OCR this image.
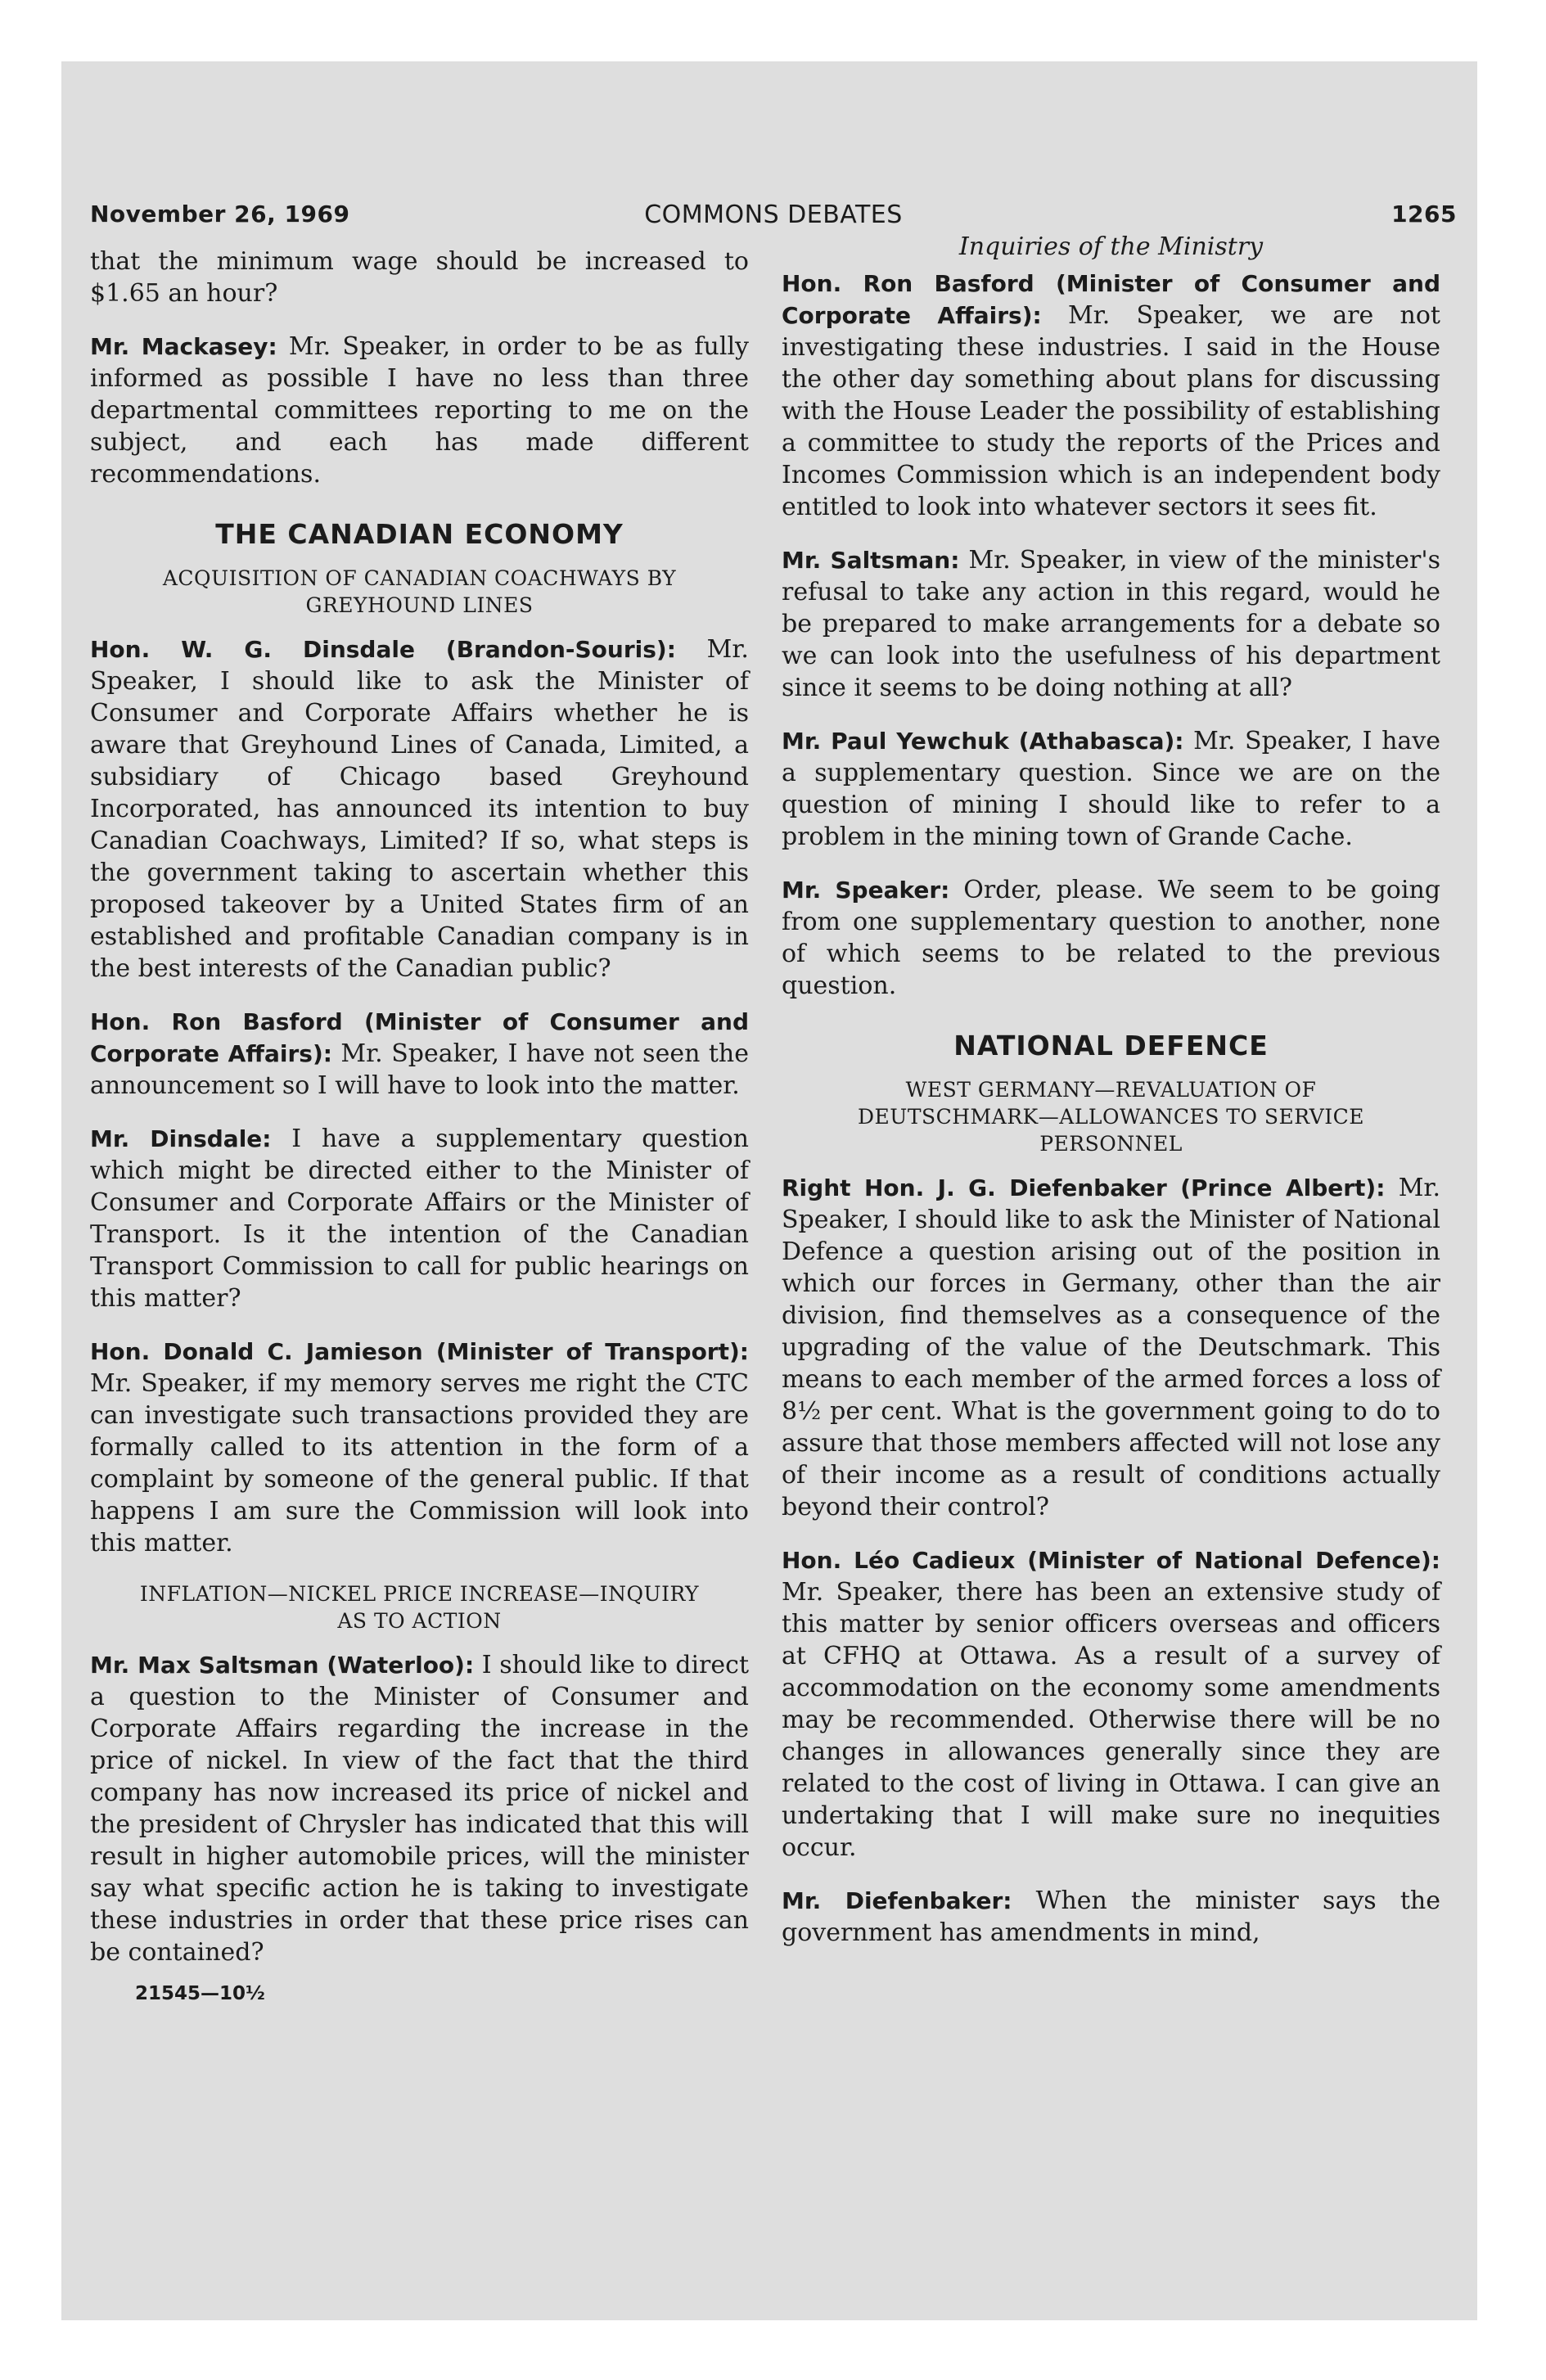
November 26, 1969	COMMONS DEBATES	1265

that the minimum wage should be increased to $1.65 an hour?

Mr. Mackasey: Mr. Speaker, in order to be as fully informed as possible I have no less than three departmental committees reporting to me on the subject, and each has made different recommendations.

THE CANADIAN ECONOMY
ACQUISITION OF CANADIAN COACHWAYS BY GREYHOUND LINES

Hon. W. G. Dinsdale (Brandon-Souris): Mr. Speaker, I should like to ask the Minister of Consumer and Corporate Affairs whether he is aware that Greyhound Lines of Canada, Limited, a subsidiary of Chicago based Greyhound Incorporated, has announced its intention to buy Canadian Coachways, Limited? If so, what steps is the government taking to ascertain whether this proposed takeover by a United States firm of an established and profitable Canadian company is in the best interests of the Canadian public?

Hon. Ron Basford (Minister of Consumer and Corporate Affairs): Mr. Speaker, I have not seen the announcement so I will have to look into the matter.

Mr. Dinsdale: I have a supplementary question which might be directed either to the Minister of Consumer and Corporate Affairs or the Minister of Transport. Is it the intention of the Canadian Transport Commission to call for public hearings on this matter?

Hon. Donald C. Jamieson (Minister of Transport): Mr. Speaker, if my memory serves me right the CTC can investigate such transactions provided they are formally called to its attention in the form of a complaint by someone of the general public. If that happens I am sure the Commission will look into this matter.

INFLATION—NICKEL PRICE INCREASE—INQUIRY AS TO ACTION

Mr. Max Saltsman (Waterloo): I should like to direct a question to the Minister of Consumer and Corporate Affairs regarding the increase in the price of nickel. In view of the fact that the third company has now increased its price of nickel and the president of Chrysler has indicated that this will result in higher automobile prices, will the minister say what specific action he is taking to investigate these industries in order that these price rises can be contained?

21545—10½
Inquiries of the Ministry

Hon. Ron Basford (Minister of Consumer and Corporate Affairs): Mr. Speaker, we are not investigating these industries. I said in the House the other day something about plans for discussing with the House Leader the possibility of establishing a committee to study the reports of the Prices and Incomes Commission which is an independent body entitled to look into whatever sectors it sees fit.

Mr. Saltsman: Mr. Speaker, in view of the minister's refusal to take any action in this regard, would he be prepared to make arrangements for a debate so we can look into the usefulness of his department since it seems to be doing nothing at all?

Mr. Paul Yewchuk (Athabasca): Mr. Speaker, I have a supplementary question. Since we are on the question of mining I should like to refer to a problem in the mining town of Grande Cache.

Mr. Speaker: Order, please. We seem to be going from one supplementary question to another, none of which seems to be related to the previous question.

NATIONAL DEFENCE
WEST GERMANY—REVALUATION OF DEUTSCHMARK—ALLOWANCES TO SERVICE PERSONNEL

Right Hon. J. G. Diefenbaker (Prince Albert): Mr. Speaker, I should like to ask the Minister of National Defence a question arising out of the position in which our forces in Germany, other than the air division, find themselves as a consequence of the upgrading of the value of the Deutschmark. This means to each member of the armed forces a loss of 8½ per cent. What is the government going to do to assure that those members affected will not lose any of their income as a result of conditions actually beyond their control?

Hon. Léo Cadieux (Minister of National Defence): Mr. Speaker, there has been an extensive study of this matter by senior officers overseas and officers at CFHQ at Ottawa. As a result of a survey of accommodation on the economy some amendments may be recommended. Otherwise there will be no changes in allowances generally since they are related to the cost of living in Ottawa. I can give an undertaking that I will make sure no inequities occur.

Mr. Diefenbaker: When the minister says the government has amendments in mind,
